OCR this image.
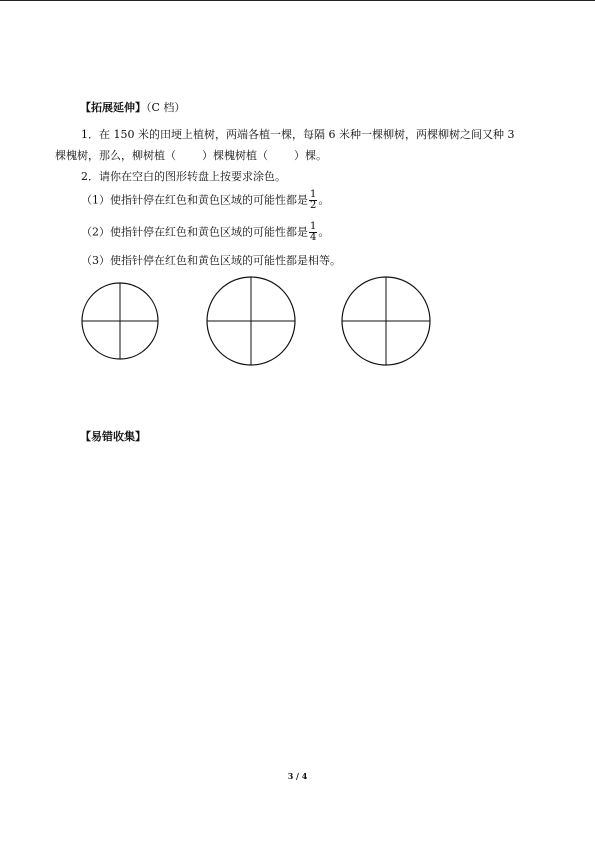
【拓展延伸】（C 档）
1．在 150 米的田埂上植树，两端各植一棵，每隔 6 米种一棵柳树，两棵柳树之间又种 3
棵槐树，那么，柳树植（ ）棵槐树植（ ）棵。
2．请你在空白的图形转盘上按要求涂色。
（1）使指针停在红色和黄色区域的可能性都是 $\frac{1}{2}$ 。
（2）使指针停在红色和黄色区域的可能性都是 $\frac{1}{4}$ 。
（3）使指针停在红色和黄色区域的可能性都是相等。
【易错收集】
3 / 4
